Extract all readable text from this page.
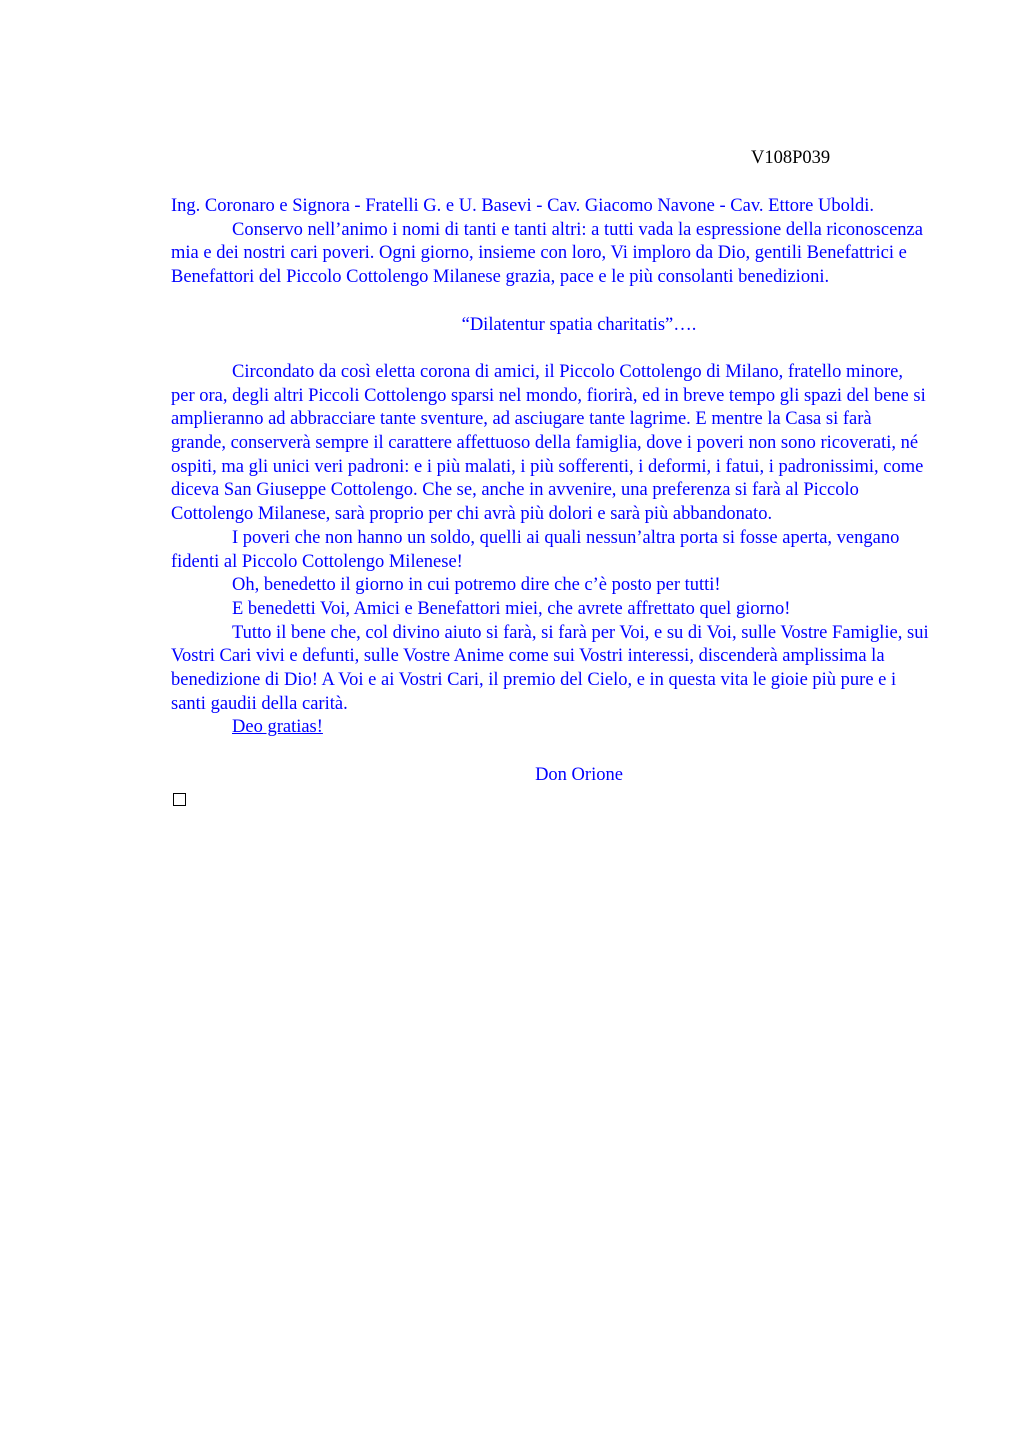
V108P039

Ing. Coronaro e Signora - Fratelli G. e U. Basevi - Cav. Giacomo Navone - Cav. Ettore Uboldi.

Conservo nell’animo i nomi di tanti e tanti altri: a tutti vada la espressione della riconoscenza mia e dei nostri cari poveri. Ogni giorno, insieme con loro, Vi imploro da Dio, gentili Benefattrici e Benefattori del Piccolo Cottolengo Milanese grazia, pace e le più consolanti benedizioni.

“Dilatentur spatia charitatis”….

Circondato da così eletta corona di amici, il Piccolo Cottolengo di Milano, fratello minore, per ora, degli altri Piccoli Cottolengo sparsi nel mondo, fiorirà, ed in breve tempo gli spazi del bene si amplieranno ad abbracciare tante sventure, ad asciugare tante lagrime. E mentre la Casa si farà grande, conserverà sempre il carattere affettuoso della famiglia, dove i poveri non sono ricoverati, né ospiti, ma gli unici veri padroni: e i più malati, i più sofferenti, i deformi, i fatui, i padronissimi, come diceva San Giuseppe Cottolengo. Che se, anche in avvenire, una preferenza si farà al Piccolo Cottolengo Milanese, sarà proprio per chi avrà più dolori e sarà più abbandonato.

I poveri che non hanno un soldo, quelli ai quali nessun’altra porta si fosse aperta, vengano fidenti al Piccolo Cottolengo Milenese!

Oh, benedetto il giorno in cui potremo dire che c’è posto per tutti!

E benedetti Voi, Amici e Benefattori miei, che avrete affrettato quel giorno!

Tutto il bene che, col divino aiuto si farà, si farà per Voi, e su di Voi, sulle Vostre Famiglie, sui Vostri Cari vivi e defunti, sulle Vostre Anime come sui Vostri interessi, discenderà amplissima la benedizione di Dio! A Voi e ai Vostri Cari, il premio del Cielo, e in questa vita le gioie più pure e i santi gaudii della carità.

Deo gratias!

Don Orione
